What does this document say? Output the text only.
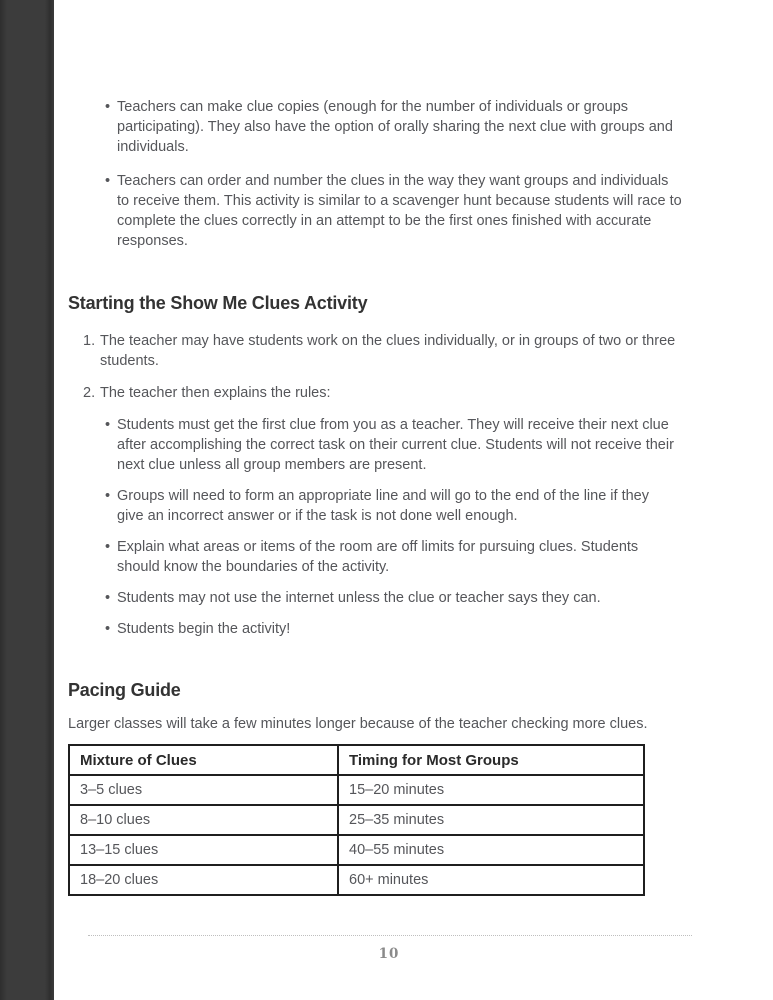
• Teachers can make clue copies (enough for the number of individuals or groups participating). They also have the option of orally sharing the next clue with groups and individuals.
• Teachers can order and number the clues in the way they want groups and individuals to receive them. This activity is similar to a scavenger hunt because students will race to complete the clues correctly in an attempt to be the first ones finished with accurate responses.
Starting the Show Me Clues Activity
1. The teacher may have students work on the clues individually, or in groups of two or three students.
2. The teacher then explains the rules:
• Students must get the first clue from you as a teacher. They will receive their next clue after accomplishing the correct task on their current clue. Students will not receive their next clue unless all group members are present.
• Groups will need to form an appropriate line and will go to the end of the line if they give an incorrect answer or if the task is not done well enough.
• Explain what areas or items of the room are off limits for pursuing clues. Students should know the boundaries of the activity.
• Students may not use the internet unless the clue or teacher says they can.
• Students begin the activity!
Pacing Guide

Larger classes will take a few minutes longer because of the teacher checking more clues.

Mixture of Clues	Timing for Most Groups
3–5 clues	15–20 minutes
8–10 clues	25–35 minutes
13–15 clues	40–55 minutes
18–20 clues	60+ minutes
10
